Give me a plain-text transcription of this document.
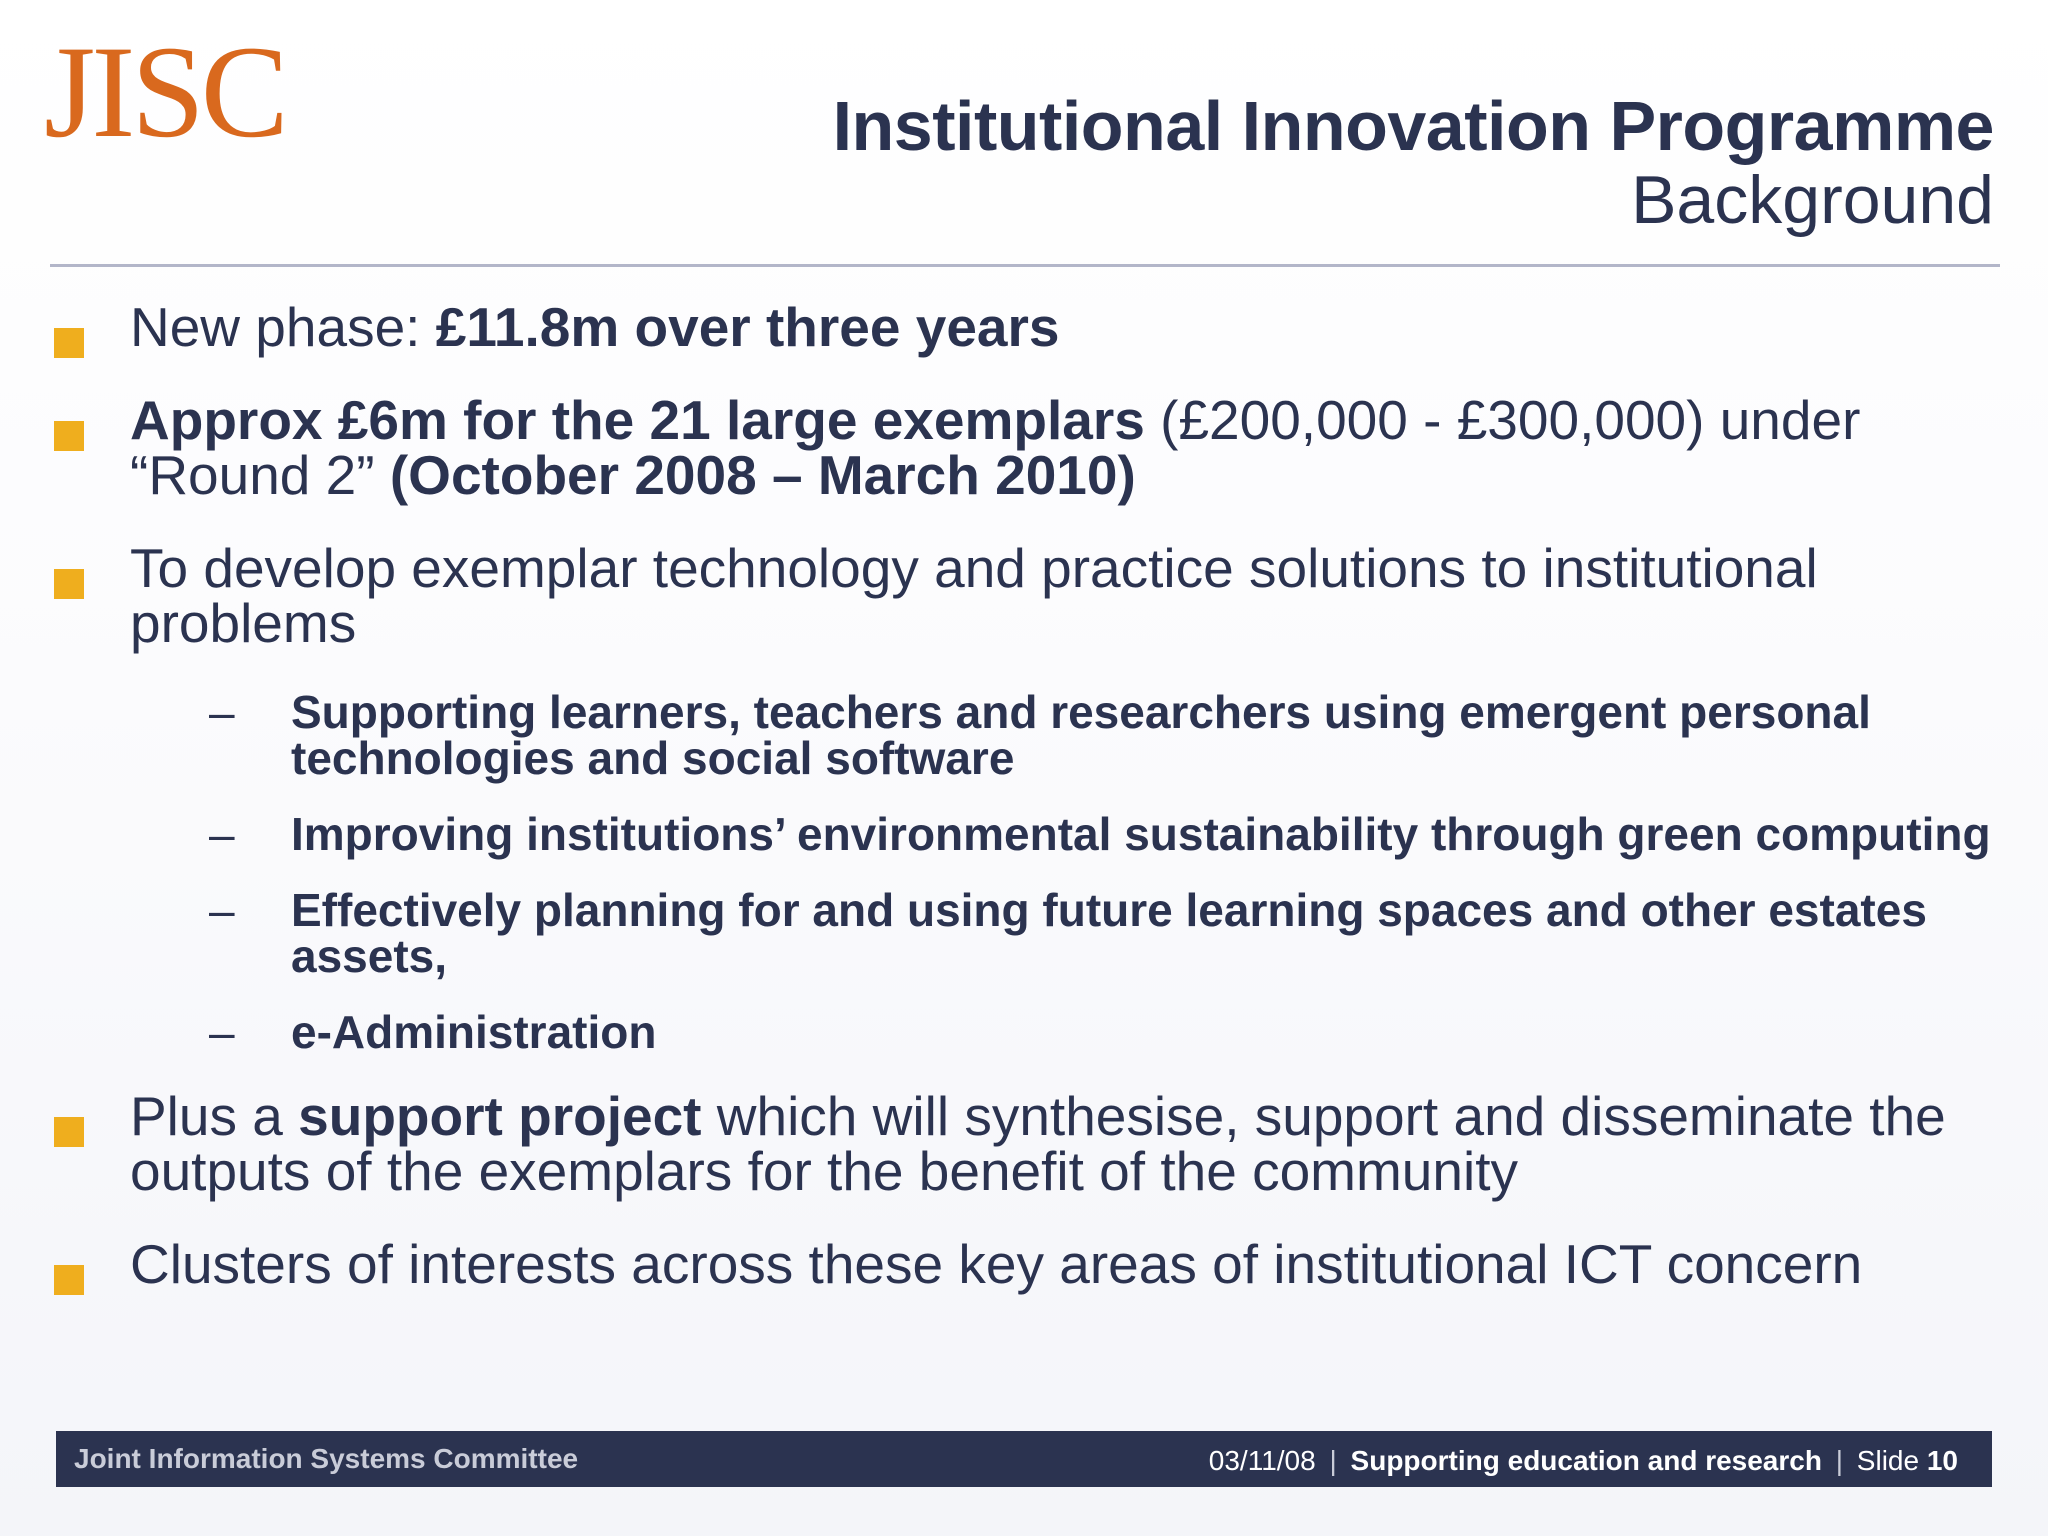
JISC	Institutional Innovation Programme
Background
New phase: £11.8m over three years
Approx £6m for the 21 large exemplars (£200,000 - £300,000) under “Round 2” (October 2008 – March 2010)
To develop exemplar technology and practice solutions to institutional problems
– Supporting learners, teachers and researchers using emergent personal technologies and social software
– Improving institutions’ environmental sustainability through green computing
– Effectively planning for and using future learning spaces and other estates assets,
– e-Administration
Plus a support project which will synthesise, support and disseminate the outputs of the exemplars for the benefit of the community
Clusters of interests across these key areas of institutional ICT concern
Joint Information Systems Committee	03/11/08 | Supporting education and research | Slide 10
